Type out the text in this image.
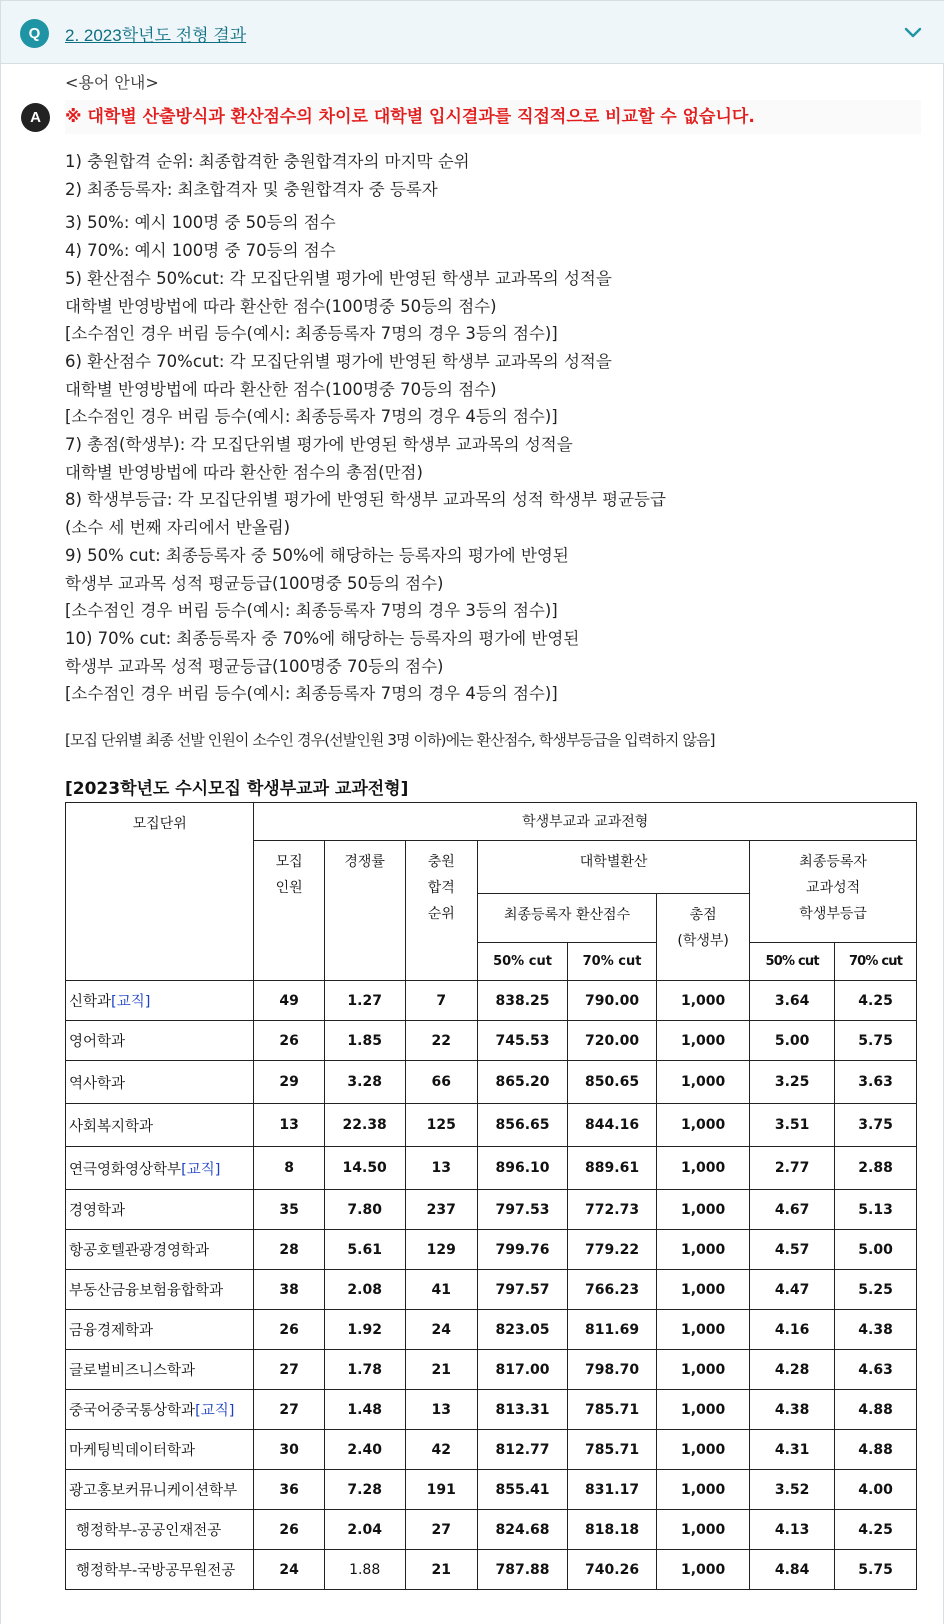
Q	2. 2023학년도 전형 결과
A
<용어 안내>
※ 대학별 산출방식과 환산점수의 차이로 대학별 입시결과를 직접적으로 비교할 수 없습니다.
1) 충원합격 순위: 최종합격한 충원합격자의 마지막 순위
2) 최종등록자: 최초합격자 및 충원합격자 중 등록자
3) 50%: 예시 100명 중 50등의 점수
4) 70%: 예시 100명 중 70등의 점수
5) 환산점수 50%cut: 각 모집단위별 평가에 반영된 학생부 교과목의 성적을
대학별 반영방법에 따라 환산한 점수(100명중 50등의 점수)
[소수점인 경우 버림 등수(예시: 최종등록자 7명의 경우 3등의 점수)]
6) 환산점수 70%cut: 각 모집단위별 평가에 반영된 학생부 교과목의 성적을
대학별 반영방법에 따라 환산한 점수(100명중 70등의 점수)
[소수점인 경우 버림 등수(예시: 최종등록자 7명의 경우 4등의 점수)]
7) 총점(학생부): 각 모집단위별 평가에 반영된 학생부 교과목의 성적을
대학별 반영방법에 따라 환산한 점수의 총점(만점)
8) 학생부등급: 각 모집단위별 평가에 반영된 학생부 교과목의 성적 학생부 평균등급
(소수 세 번째 자리에서 반올림)
9) 50% cut: 최종등록자 중 50%에 해당하는 등록자의 평가에 반영된
학생부 교과목 성적 평균등급(100명중 50등의 점수)
[소수점인 경우 버림 등수(예시: 최종등록자 7명의 경우 3등의 점수)]
10) 70% cut: 최종등록자 중 70%에 해당하는 등록자의 평가에 반영된
학생부 교과목 성적 평균등급(100명중 70등의 점수)
[소수점인 경우 버림 등수(예시: 최종등록자 7명의 경우 4등의 점수)]
[모집 단위별 최종 선발 인원이 소수인 경우(선발인원 3명 이하)에는 환산점수, 학생부등급을 입력하지 않음]
[2023학년도 수시모집 학생부교과 교과전형]
모집단위	학생부교과 교과전형							
	모집
인원	경쟁률	충원
합격
순위	대학별환산			최종등록자
교과성적
학생부등급	
				최종등록자 환산점수		총점
(학생부)		
				50% cut	70% cut		50% cut	70% cut
신학과[교직]	49	1.27	7	838.25	790.00	1,000	3.64	4.25
영어학과	26	1.85	22	745.53	720.00	1,000	5.00	5.75
역사학과	29	3.28	66	865.20	850.65	1,000	3.25	3.63
사회복지학과	13	22.38	125	856.65	844.16	1,000	3.51	3.75
연극영화영상학부[교직]	8	14.50	13	896.10	889.61	1,000	2.77	2.88
경영학과	35	7.80	237	797.53	772.73	1,000	4.67	5.13
항공호텔관광경영학과	28	5.61	129	799.76	779.22	1,000	4.57	5.00
부동산금융보험융합학과	38	2.08	41	797.57	766.23	1,000	4.47	5.25
금융경제학과	26	1.92	24	823.05	811.69	1,000	4.16	4.38
글로벌비즈니스학과	27	1.78	21	817.00	798.70	1,000	4.28	4.63
중국어중국통상학과[교직]	27	1.48	13	813.31	785.71	1,000	4.38	4.88
마케팅빅데이터학과	30	2.40	42	812.77	785.71	1,000	4.31	4.88
광고홍보커뮤니케이션학부	36	7.28	191	855.41	831.17	1,000	3.52	4.00
행정학부-공공인재전공	26	2.04	27	824.68	818.18	1,000	4.13	4.25
행정학부-국방공무원전공	24	1.88	21	787.88	740.26	1,000	4.84	5.75
